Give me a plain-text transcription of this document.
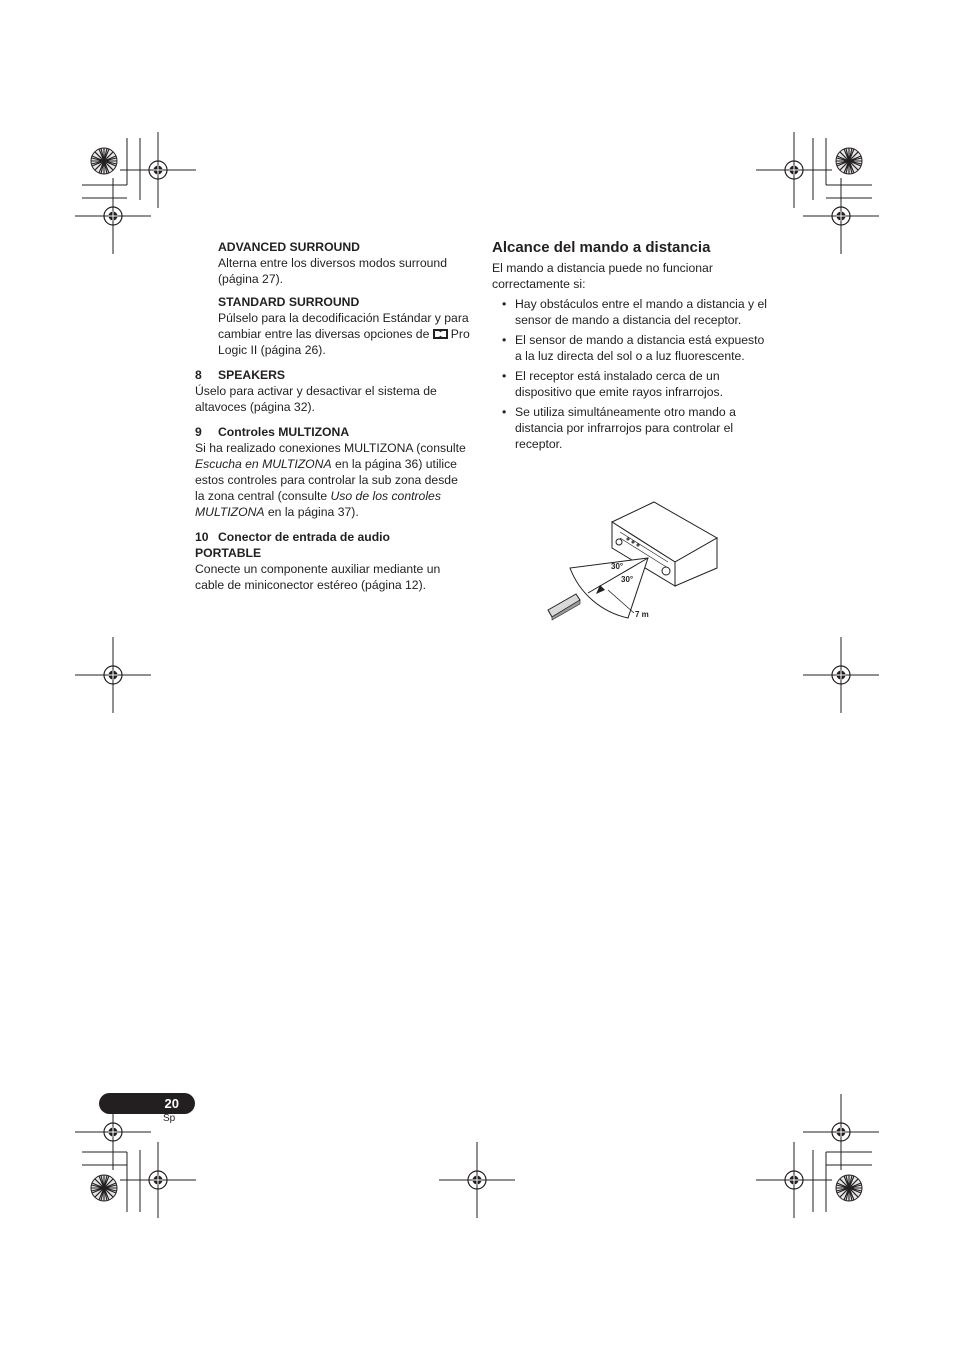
ADVANCED SURROUND

Alterna entre los diversos modos surround (página 27).

STANDARD SURROUND

Púlselo para la decodificación Estándar y para cambiar entre las diversas opciones de Pro Logic II (página 26).

8 SPEAKERS

Úselo para activar y desactivar el sistema de altavoces (página 32).

9 Controles MULTIZONA

Si ha realizado conexiones MULTIZONA (consulte Escucha en MULTIZONA en la página 36) utilice estos controles para controlar la sub zona desde la zona central (consulte Uso de los controles MULTIZONA en la página 37).

10 Conector de entrada de audio
PORTABLE

Conecte un componente auxiliar mediante un cable de miniconector estéreo (página 12).

Alcance del mando a distancia

El mando a distancia puede no funcionar correctamente si:

• Hay obstáculos entre el mando a distancia y el sensor de mando a distancia del receptor.
• El sensor de mando a distancia está expuesto a la luz directa del sol o a luz fluorescente.
• El receptor está instalado cerca de un dispositivo que emite rayos infrarrojos.
• Se utiliza simultáneamente otro mando a distancia por infrarrojos para controlar el receptor.
30°
30°
7 m
20
Sp
